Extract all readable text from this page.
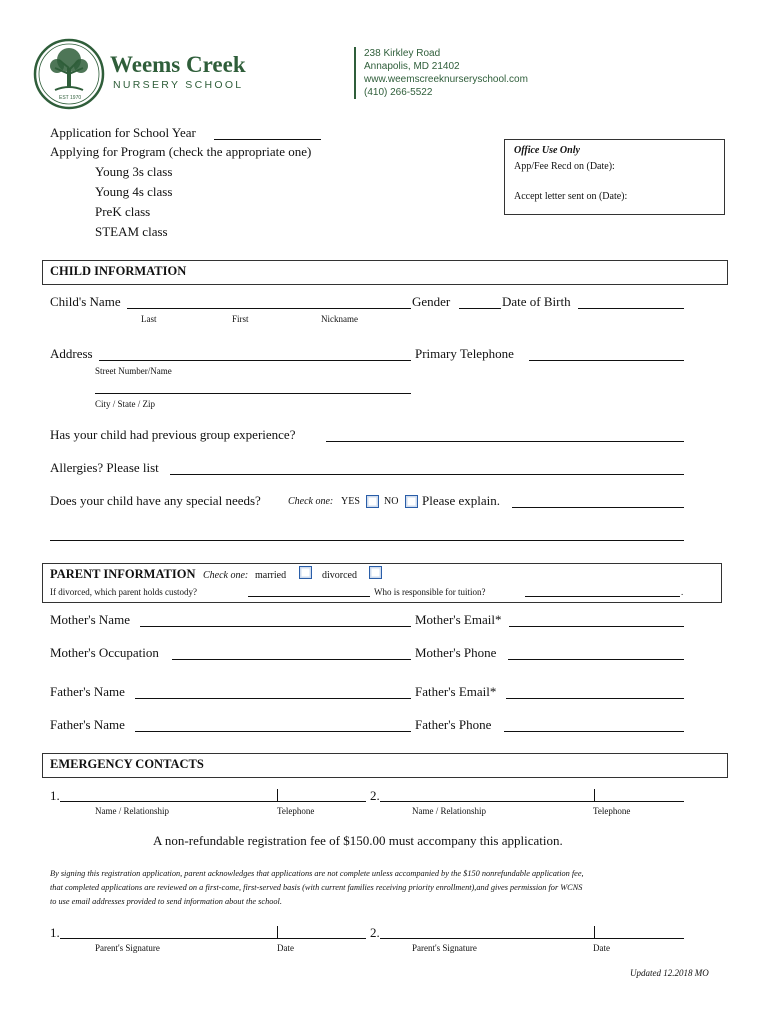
Weems Creek
NURSERY SCHOOL
EST 1970
238 Kirkley Road
Annapolis, MD 21402
www.weemscreeknurseryschool.com
(410) 266-5522
Application for School Year
Applying for Program (check the appropriate one)
Young 3s class
Young 4s class
PreK class
STEAM class
Office Use Only
App/Fee Recd on (Date):
Accept letter sent on (Date):
CHILD INFORMATION
Child's Name	Gender	Date of Birth
Last	First	Nickname
Address	Primary Telephone
Street Number/Name
City / State / Zip
Has your child had previous group experience?
Allergies? Please list
Does your child have any special needs?	Check one: YES NO Please explain.
PARENT INFORMATION Check one: married	divorced
If divorced, which parent holds custody?	Who is responsible for tuition?	.
Mother's Name	Mother's Email*
Mother's Occupation	Mother's Phone
Father's Name	Father's Email*
Father's Name	Father's Phone
EMERGENCY CONTACTS
1.	2.
Name / Relationship	Telephone	Name / Relationship	Telephone
A non-refundable registration fee of $150.00 must accompany this application.
By signing this registration application, parent acknowledges that applications are not complete unless accompanied by the $150 nonrefundable application fee,
that completed applications are reviewed on a first-come, first-served basis (with current families receiving priority enrollment),and gives permission for WCNS
to use email addresses provided to send information about the school.
1.	2.
Parent's Signature	Date	Parent's Signature	Date
Updated 12.2018 MO
